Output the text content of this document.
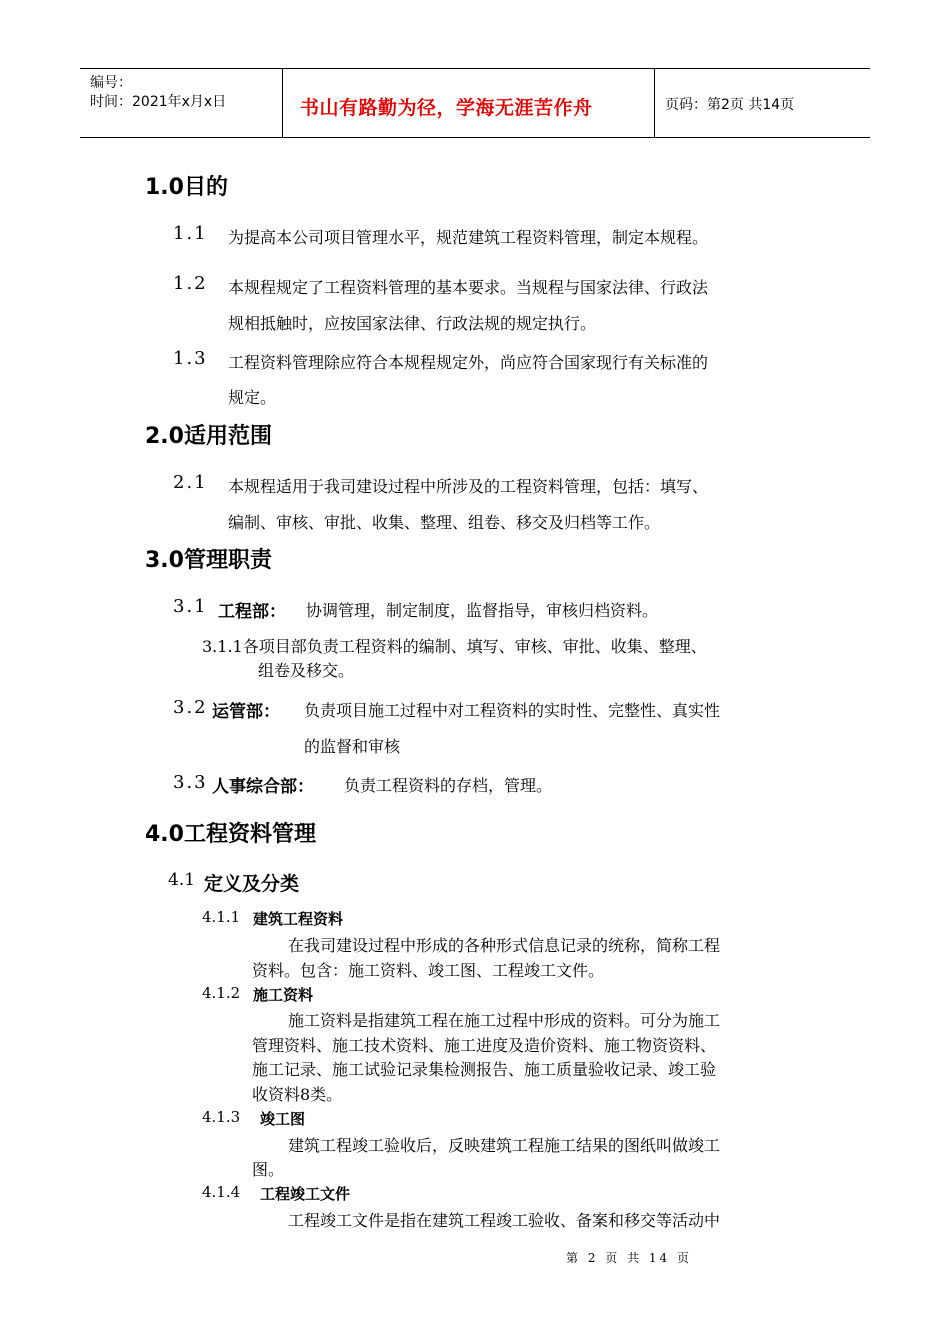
编号：
时间：2021年x月x日	书山有路勤为径，学海无涯苦作舟	页码：第2页 共14页
1.0目的
1.1 为提高本公司项目管理水平，规范建筑工程资料管理，制定本规程。
1.2 本规程规定了工程资料管理的基本要求。当规程与国家法律、行政法
规相抵触时，应按国家法律、行政法规的规定执行。
1.3 工程资料管理除应符合本规程规定外，尚应符合国家现行有关标准的
规定。
2.0适用范围
2.1 本规程适用于我司建设过程中所涉及的工程资料管理，包括：填写、
编制、审核、审批、收集、整理、组卷、移交及归档等工作。
3.0管理职责
3.1 工程部： 协调管理，制定制度，监督指导，审核归档资料。
3.1.1各项目部负责工程资料的编制、填写、审核、审批、收集、整理、
组卷及移交。
3.2 运管部： 负责项目施工过程中对工程资料的实时性、完整性、真实性
的监督和审核
3.3 人事综合部： 负责工程资料的存档，管理。
4.0工程资料管理
4.1 定义及分类
4.1.1 建筑工程资料
在我司建设过程中形成的各种形式信息记录的统称，简称工程
资料。包含：施工资料、竣工图、工程竣工文件。
4.1.2 施工资料
施工资料是指建筑工程在施工过程中形成的资料。可分为施工
管理资料、施工技术资料、施工进度及造价资料、施工物资资料、
施工记录、施工试验记录集检测报告、施工质量验收记录、竣工验
收资料8类。
4.1.3 竣工图
建筑工程竣工验收后，反映建筑工程施工结果的图纸叫做竣工
图。
4.1.4 工程竣工文件
工程竣工文件是指在建筑工程竣工验收、备案和移交等活动中
第 2 页 共 14 页
